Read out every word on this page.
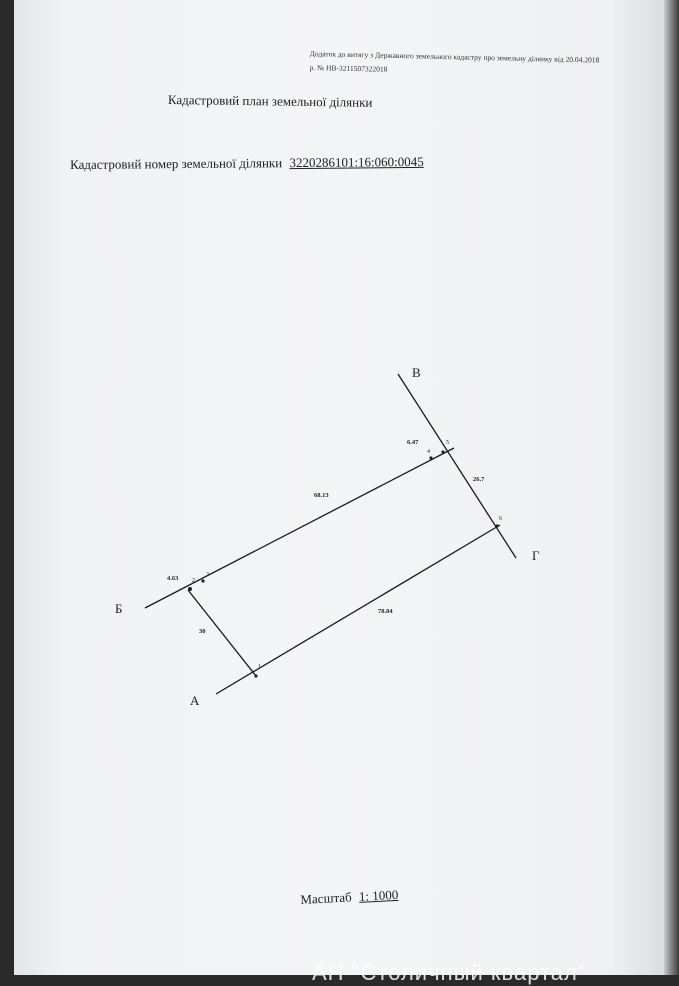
Додаток до витягу з Державного земельного кадастру про земельну ділянку від 20.04.2018 р. № НВ-3211507322018
Кадастровий план земельної ділянки
Кадастровий номер земельної ділянки 3220286101:16:060:0045
1
2
3
4
5
6
30
68.13
4.63
6.47
26.7
78.04
В
Г
Б
А
Масштаб 1: 1000
АН "Столичный квартал"
